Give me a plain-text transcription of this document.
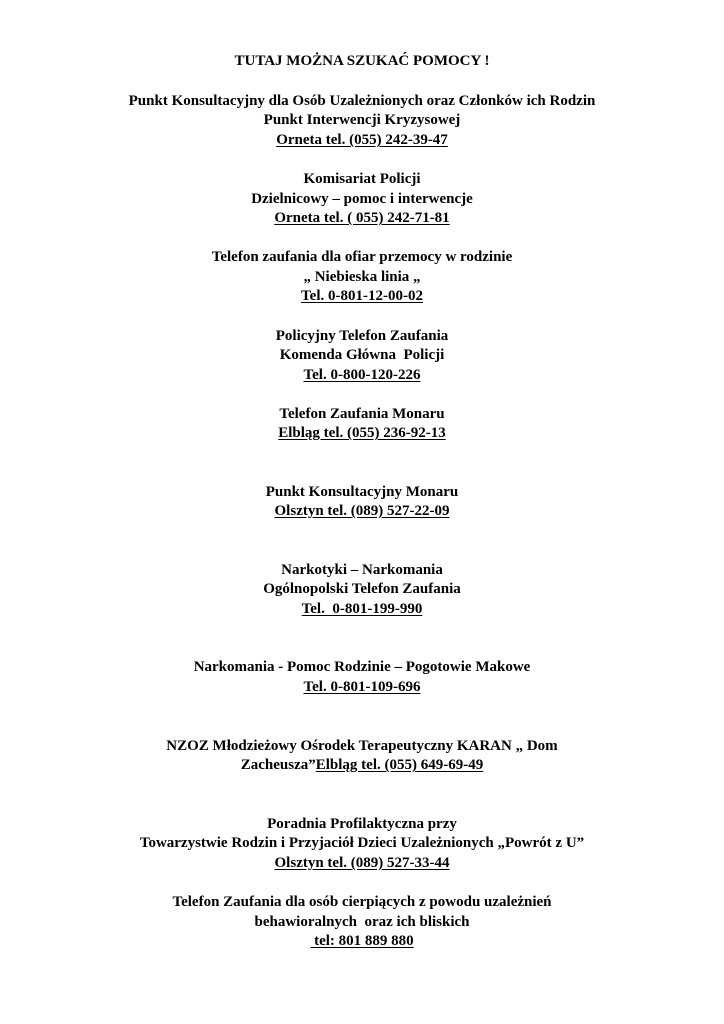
TUTAJ MOŻNA SZUKAĆ POMOCY !
Punkt Konsultacyjny dla Osób Uzależnionych oraz Członków ich Rodzin
Punkt Interwencji Kryzysowej
Orneta tel. (055) 242-39-47
Komisariat Policji
Dzielnicowy – pomoc i interwencje
Orneta tel. ( 055) 242-71-81
Telefon zaufania dla ofiar przemocy w rodzinie
„ Niebieska linia „
Tel. 0-801-12-00-02
Policyjny Telefon Zaufania
Komenda Główna  Policji
Tel. 0-800-120-226
Telefon Zaufania Monaru
Elbląg tel. (055) 236-92-13
Punkt Konsultacyjny Monaru
Olsztyn tel. (089) 527-22-09
Narkotyki – Narkomania
Ogólnopolski Telefon Zaufania
Tel.  0-801-199-990
Narkomania - Pomoc Rodzinie – Pogotowie Makowe
Tel. 0-801-109-696
NZOZ Młodzieżowy Ośrodek Terapeutyczny KARAN „ Dom
Zacheusza”Elbląg tel. (055) 649-69-49
Poradnia Profilaktyczna przy
Towarzystwie Rodzin i Przyjaciół Dzieci Uzależnionych „Powrót z U”
Olsztyn tel. (089) 527-33-44
Telefon Zaufania dla osób cierpiących z powodu uzależnień
behawioralnych  oraz ich bliskich
tel: 801 889 880
